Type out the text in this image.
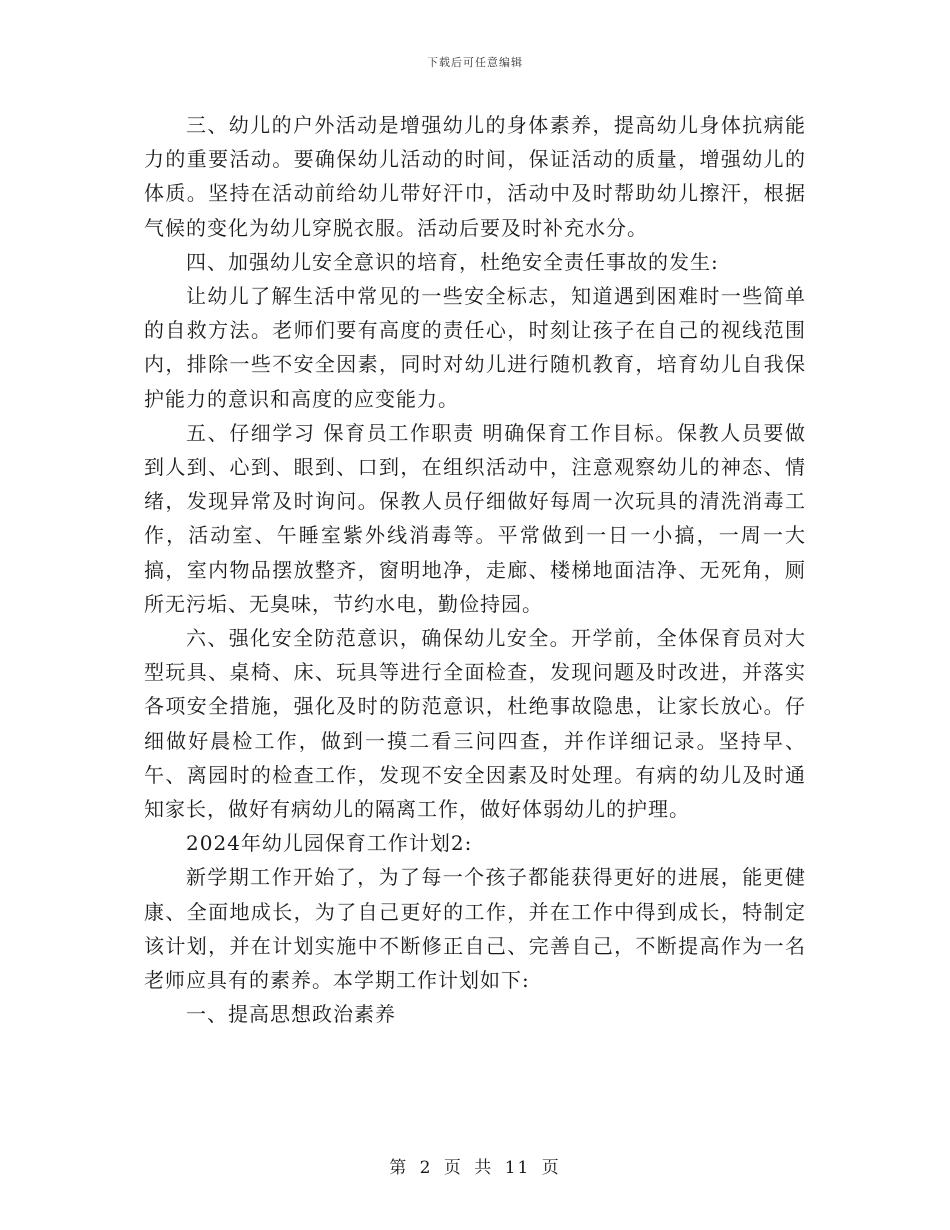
下载后可任意编辑

三、幼儿的户外活动是增强幼儿的身体素养，提高幼儿身体抗病能力的重要活动。要确保幼儿活动的时间，保证活动的质量，增强幼儿的体质。坚持在活动前给幼儿带好汗巾，活动中及时帮助幼儿擦汗，根据气候的变化为幼儿穿脱衣服。活动后要及时补充水分。

四、加强幼儿安全意识的培育，杜绝安全责任事故的发生:

让幼儿了解生活中常见的一些安全标志，知道遇到困难时一些简单的自救方法。老师们要有高度的责任心，时刻让孩子在自己的视线范围内，排除一些不安全因素，同时对幼儿进行随机教育，培育幼儿自我保护能力的意识和高度的应变能力。

五、仔细学习 保育员工作职责 明确保育工作目标。保教人员要做到人到、心到、眼到、口到，在组织活动中，注意观察幼儿的神态、情绪，发现异常及时询问。保教人员仔细做好每周一次玩具的清洗消毒工作，活动室、午睡室紫外线消毒等。平常做到一日一小搞，一周一大搞，室内物品摆放整齐，窗明地净，走廊、楼梯地面洁净、无死角，厕所无污垢、无臭味，节约水电，勤俭持园。

六、强化安全防范意识，确保幼儿安全。开学前，全体保育员对大型玩具、桌椅、床、玩具等进行全面检查，发现问题及时改进，并落实各项安全措施，强化及时的防范意识，杜绝事故隐患，让家长放心。仔细做好晨检工作，做到一摸二看三问四查，并作详细记录。坚持早、午、离园时的检查工作，发现不安全因素及时处理。有病的幼儿及时通知家长，做好有病幼儿的隔离工作，做好体弱幼儿的护理。

2024年幼儿园保育工作计划2:

新学期工作开始了，为了每一个孩子都能获得更好的进展，能更健康、全面地成长，为了自己更好的工作，并在工作中得到成长，特制定该计划，并在计划实施中不断修正自己、完善自己，不断提高作为一名老师应具有的素养。本学期工作计划如下:

一、提高思想政治素养

第 2 页 共 11 页
